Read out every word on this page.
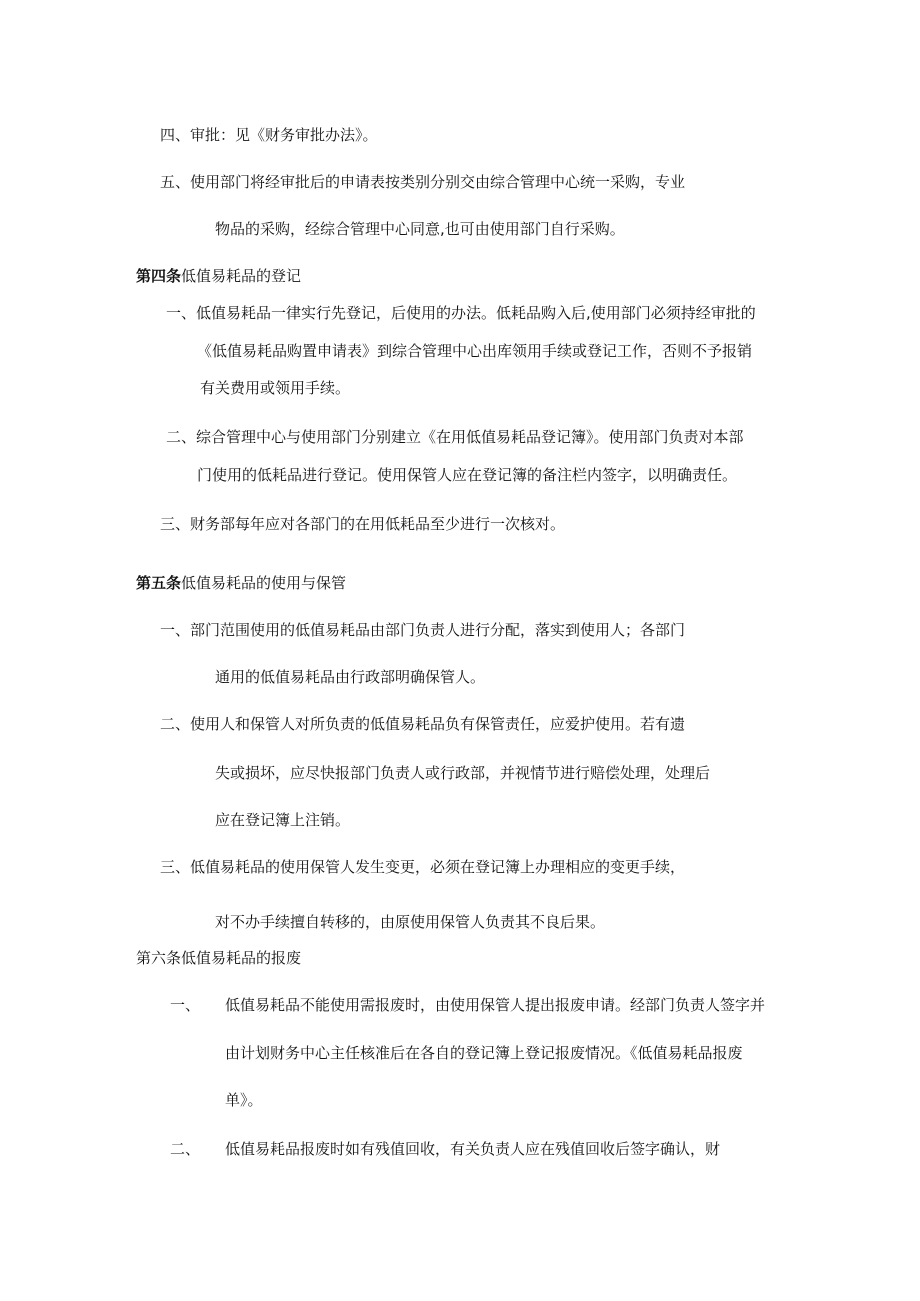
四、审批：见《财务审批办法》。
五、使用部门将经审批后的申请表按类别分别交由综合管理中心统一采购，专业
物品的采购，经综合管理中心同意,也可由使用部门自行采购。
第四条低值易耗品的登记
一、低值易耗品一律实行先登记，后使用的办法。低耗品购入后,使用部门必须持经审批的
《低值易耗品购置申请表》到综合管理中心出库领用手续或登记工作，否则不予报销
有关费用或领用手续。
二、综合管理中心与使用部门分别建立《在用低值易耗品登记簿》。使用部门负责对本部
门使用的低耗品进行登记。使用保管人应在登记簿的备注栏内签字，以明确责任。
三、财务部每年应对各部门的在用低耗品至少进行一次核对。
第五条低值易耗品的使用与保管
一、部门范围使用的低值易耗品由部门负责人进行分配，落实到使用人；各部门
通用的低值易耗品由行政部明确保管人。
二、使用人和保管人对所负责的低值易耗品负有保管责任，应爱护使用。若有遗
失或损坏，应尽快报部门负责人或行政部，并视情节进行赔偿处理，处理后
应在登记簿上注销。
三、低值易耗品的使用保管人发生变更，必须在登记簿上办理相应的变更手续，
对不办手续擅自转移的，由原使用保管人负责其不良后果。
第六条低值易耗品的报废
一、 低值易耗品不能使用需报废时，由使用保管人提出报废申请。经部门负责人签字并
由计划财务中心主任核准后在各自的登记簿上登记报废情况。《低值易耗品报废
单》。
二、 低值易耗品报废时如有残值回收，有关负责人应在残值回收后签字确认，财
